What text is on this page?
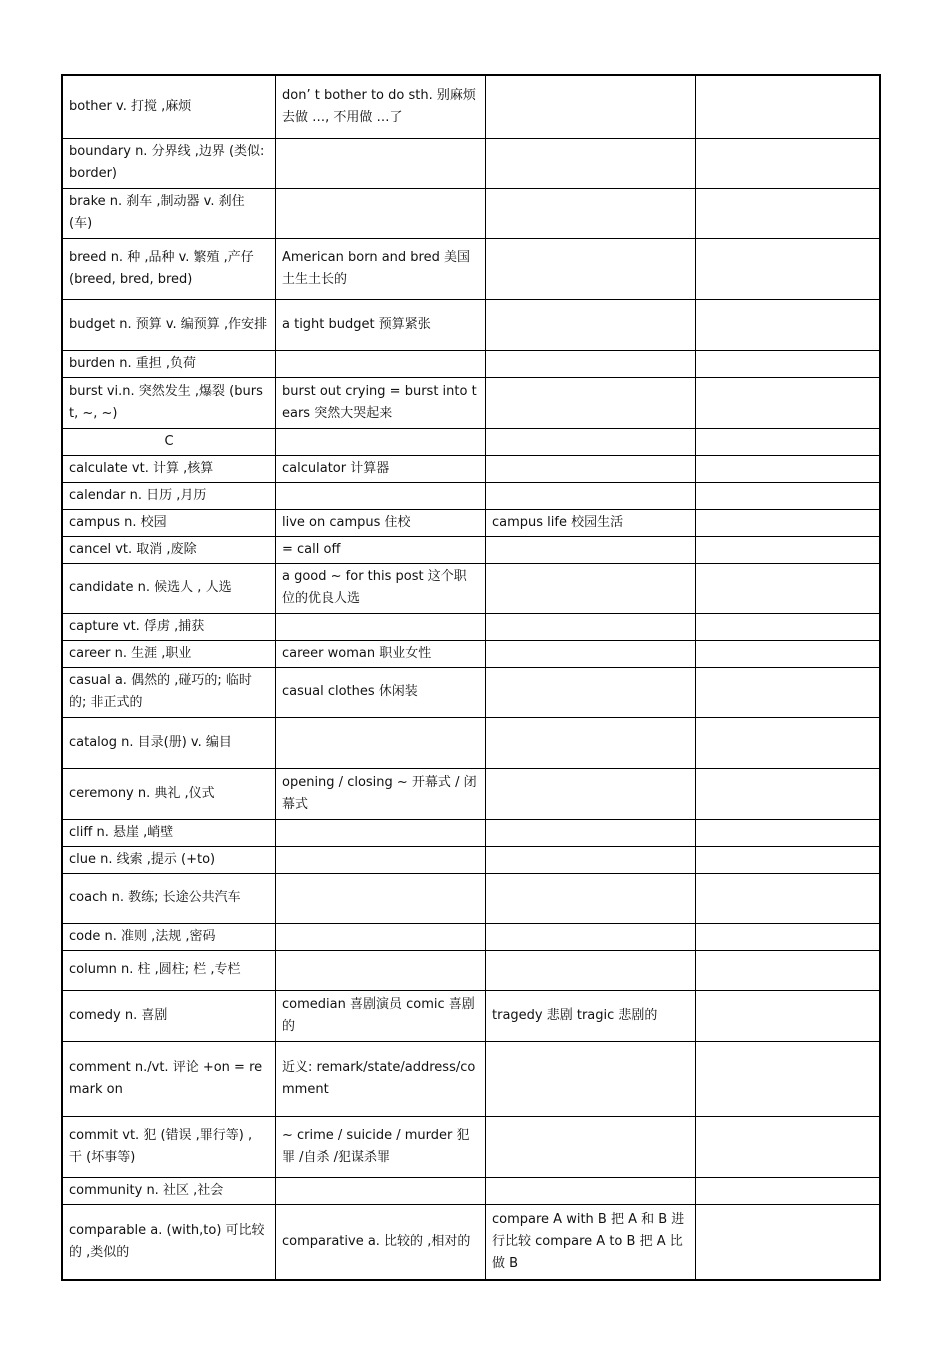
bother v. 打搅 ,麻烦	don’ t bother to do sth. 别麻烦去做 …, 不用做 …了		
boundary n. 分界线 ,边界 (类似: border)			
brake n. 刹车 ,制动器 v. 刹住 (车)			
breed n. 种 ,品种 v. 繁殖 ,产仔 (breed, bred, bred)	American born and bred 美国土生土长的		
budget n. 预算 v. 编预算 ,作安排	a tight budget 预算紧张		
burden n. 重担 ,负荷			
burst vi.n. 突然发生 ,爆裂 (burst, ~, ~)	burst out crying = burst into tears 突然大哭起来		
C			
calculate vt. 计算 ,核算	calculator 计算器		
calendar n. 日历 ,月历			
campus n. 校园	live on campus 住校	campus life 校园生活	
cancel vt. 取消 ,废除	= call off		
candidate n. 候选人 , 人选	a good ~ for this post 这个职位的优良人选		
capture vt. 俘虏 ,捕获			
career n. 生涯 ,职业	career woman 职业女性		
casual a. 偶然的 ,碰巧的; 临时的; 非正式的	casual clothes 休闲装		
catalog n. 目录(册) v. 编目			
ceremony n. 典礼 ,仪式	opening / closing ~ 开幕式 / 闭幕式		
cliff n. 悬崖 ,峭壁			
clue n. 线索 ,提示 (+to)			
coach n. 教练; 长途公共汽车			
code n. 准则 ,法规 ,密码			
column n. 柱 ,圆柱; 栏 ,专栏			
comedy n. 喜剧	comedian 喜剧演员 comic 喜剧的	tragedy 悲剧 tragic 悲剧的	
comment n./vt. 评论 +on = remark on	近义: remark/state/address/comment		
commit vt. 犯 (错误 ,罪行等) , 干 (坏事等)	~ crime / suicide / murder 犯罪 /自杀 /犯谋杀罪		
community n. 社区 ,社会			
comparable a. (with,to) 可比较的 ,类似的	comparative a. 比较的 ,相对的	compare A with B 把 A 和 B 进行比较 compare A to B 把 A 比做 B	
